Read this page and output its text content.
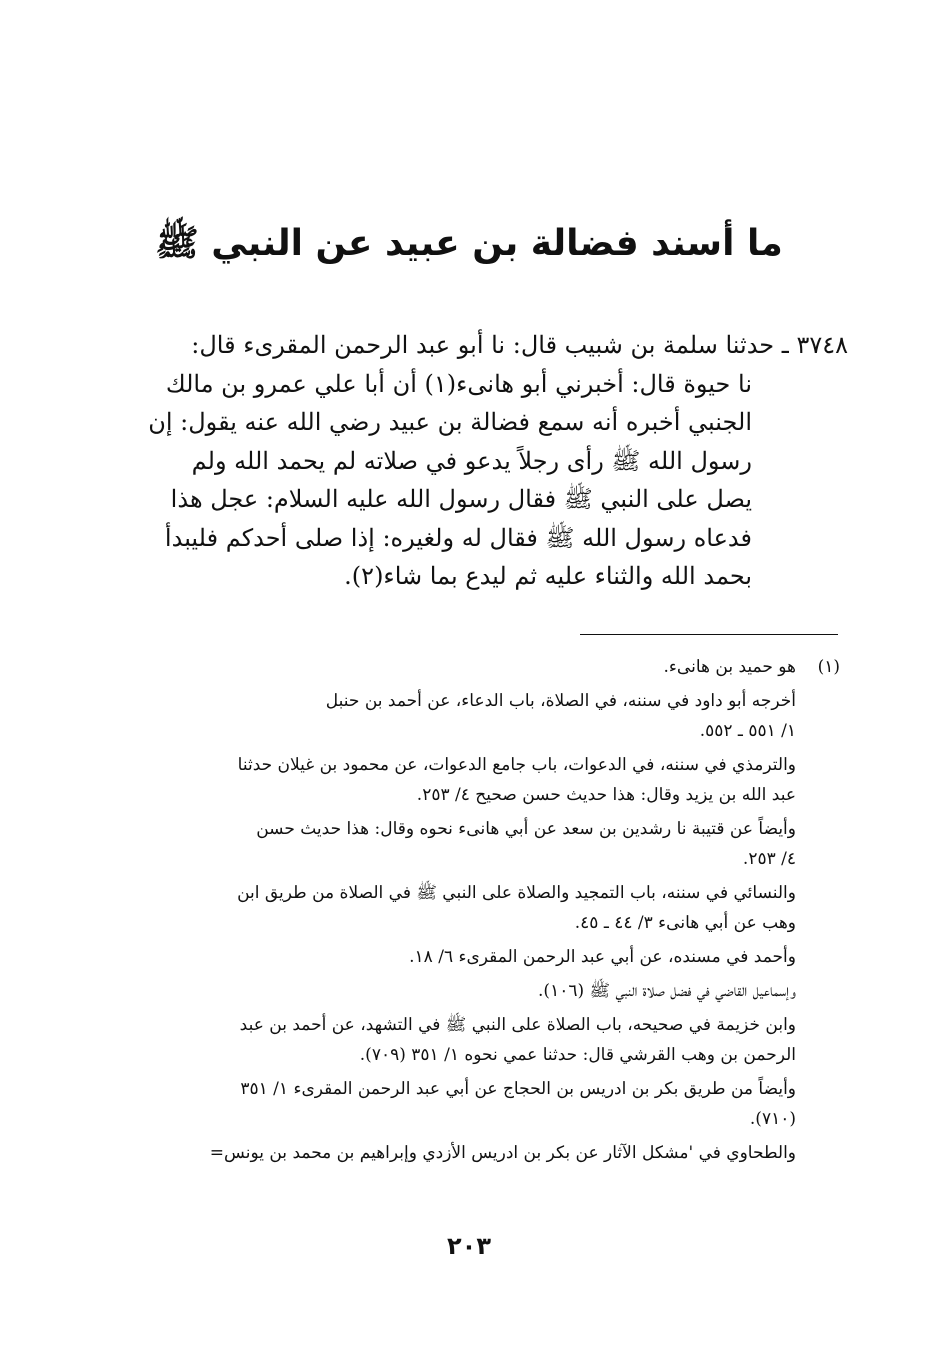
ما أسند فضالة بن عبيد عن النبي ﷺ
٣٧٤٨ ـ حدثنا سلمة بن شبيب قال: نا أبو عبد الرحمن المقرىء قال:
نا حيوة قال: أخبرني أبو هانىء(١) أن أبا علي عمرو بن مالك
الجنبي أخبره أنه سمع فضالة بن عبيد رضي الله عنه يقول: إن
رسول الله ﷺ رأى رجلاً يدعو في صلاته لم يحمد الله ولم
يصل على النبي ﷺ فقال رسول الله عليه السلام: عجل هذا
فدعاه رسول الله ﷺ فقال له ولغيره: إذا صلى أحدكم فليبدأ
بحمد الله والثناء عليه ثم ليدع بما شاء(٢).
(١)هو حميد بن هانىء.
أخرجه أبو داود في سننه، في الصلاة، باب الدعاء، عن أحمد بن حنبل
١/ ٥٥١ ـ ٥٥٢.
والترمذي في سننه، في الدعوات، باب جامع الدعوات، عن محمود بن غيلان حدثنا
عبد الله بن يزيد وقال: هذا حديث حسن صحيح ٤/ ٢٥٣.
وأيضاً عن قتيبة نا رشدين بن سعد عن أبي هانىء نحوه وقال: هذا حديث حسن
٤/ ٢٥٣.
والنسائي في سننه، باب التمجيد والصلاة على النبي ﷺ في الصلاة من طريق ابن
وهب عن أبي هانىء ٣/ ٤٤ ـ ٤٥.
وأحمد في مسنده، عن أبي عبد الرحمن المقرىء ٦/ ١٨.
وإسماعيل القاضي في فضل صلاة النبي ﷺ (١٠٦).
وابن خزيمة في صحيحه، باب الصلاة على النبي ﷺ في التشهد، عن أحمد بن عبد
الرحمن بن وهب القرشي قال: حدثنا عمي نحوه ١/ ٣٥١ (٧٠٩).
وأيضاً من طريق بكر بن ادريس بن الحجاج عن أبي عبد الرحمن المقرىء ١/ ٣٥١
(٧١٠).
والطحاوي في 'مشكل الآثار عن بكر بن ادريس الأزدي وإبراهيم بن محمد بن يونس=
٢٠٣
